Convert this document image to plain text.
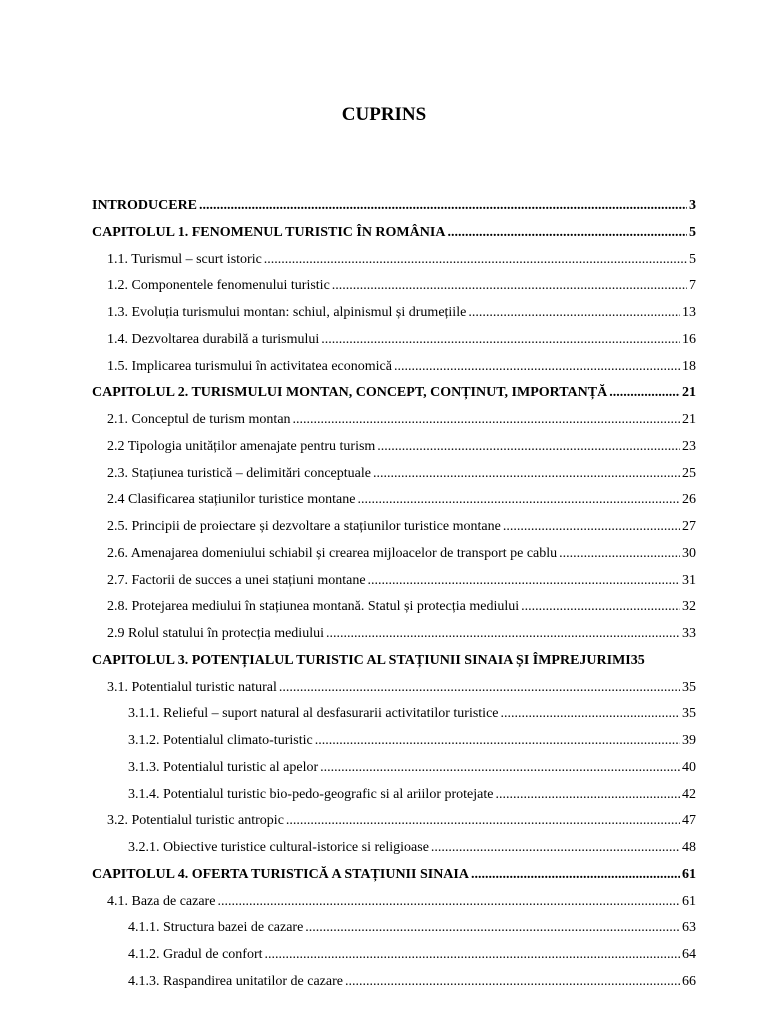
CUPRINS
INTRODUCERE .....	3
CAPITOLUL 1. FENOMENUL TURISTIC ÎN ROMÂNIA .....	5
1.1. Turismul – scurt istoric .....	5
1.2. Componentele fenomenului turistic .....	7
1.3. Evoluția turismului montan: schiul, alpinismul și drumețiile .....	13
1.4. Dezvoltarea durabilă a turismului .....	16
1.5. Implicarea turismului în activitatea economică .....	18
CAPITOLUL 2. TURISMULUI MONTAN, CONCEPT, CONȚINUT, IMPORTANȚĂ .....	21
2.1. Conceptul de turism montan .....	21
2.2 Tipologia unităților amenajate pentru turism .....	23
2.3. Stațiunea turistică – delimitări conceptuale .....	25
2.4 Clasificarea stațiunilor turistice montane .....	26
2.5. Principii de proiectare și dezvoltare a stațiunilor turistice montane .....	27
2.6. Amenajarea domeniului schiabil și crearea mijloacelor de transport pe cablu .....	30
2.7. Factorii de succes a unei stațiuni montane .....	31
2.8. Protejarea mediului în stațiunea montană. Statul și protecția mediului .....	32
2.9 Rolul statului în protecția mediului .....	33
CAPITOLUL 3. POTENȚIALUL TURISTIC AL STAȚIUNII SINAIA ȘI ÎMPREJURIMI 35
3.1. Potentialul turistic natural .....	35
3.1.1. Relieful – suport natural al desfasurarii activitatilor turistice .....	35
3.1.2. Potentialul climato-turistic .....	39
3.1.3. Potentialul turistic al apelor .....	40
3.1.4. Potentialul turistic bio-pedo-geografic si al ariilor protejate .....	42
3.2. Potentialul turistic antropic .....	47
3.2.1. Obiective turistice cultural-istorice si religioase .....	48
CAPITOLUL 4. OFERTA TURISTICĂ A STAȚIUNII SINAIA .....	61
4.1. Baza de cazare .....	61
4.1.1. Structura bazei de cazare .....	63
4.1.2. Gradul de confort .....	64
4.1.3. Raspandirea unitatilor de cazare .....	66
